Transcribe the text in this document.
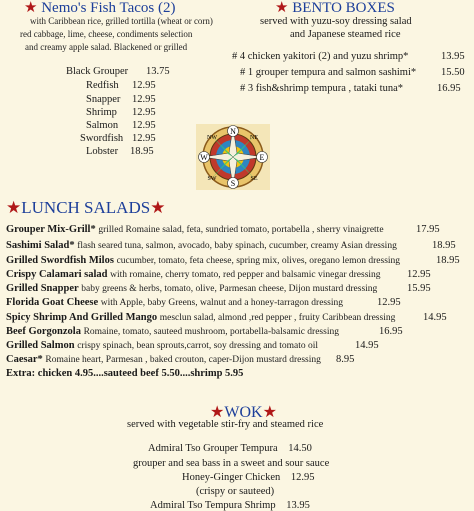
★ Nemo's Fish Tacos (2)
with Caribbean rice, grilled tortilla (wheat or corn)
red cabbage, lime, cheese, condiments selection
and creamy apple salad. Blackened or grilled
Black Grouper 13.75
Redfish 12.95
Snapper 12.95
Shrimp 12.95
Salmon 12.95
Swordfish 12.95
Lobster 18.95
★ BENTO BOXES
served with yuzu-soy dressing salad
and Japanese steamed rice
# 4 chicken yakitori (2) and yuzu shrimp*	13.95
# 1 grouper tempura and salmon sashimi* 15.50
# 3 fish&shrimp tempura , tataki tuna*	16.95
N
S
W	E
NW	NE
SW	SE
★LUNCH SALADS★
Grouper Mix-Grill* grilled Romaine salad, feta, sundried tomato, portabella , sherry vinaigrette	17.95
Sashimi Salad* flash seared tuna, salmon, avocado, baby spinach, cucumber, creamy Asian dressing	18.95
Grilled Swordfish Milos cucumber, tomato, feta cheese, spring mix, olives, oregano lemon dressing	18.95
Crispy Calamari salad with romaine, cherry tomato, red pepper and balsamic vinegar dressing	12.95
Grilled Snapper baby greens & herbs, tomato, olive, Parmesan cheese, Dijon mustard dressing	15.95
Florida Goat Cheese with Apple, baby Greens, walnut and a honey-tarragon dressing	12.95
Spicy Shrimp And Grilled Mango mesclun salad, almond ,red pepper , fruity Caribbean dressing	14.95
Beef Gorgonzola Romaine, tomato, sauteed mushroom, portabella-balsamic dressing	16.95
Grilled Salmon crispy spinach, bean sprouts,carrot, soy dressing and tomato oil	14.95
Caesar* Romaine heart, Parmesan , baked crouton, caper-Dijon mustard dressing 8.95
Extra: chicken 4.95....sauteed beef 5.50....shrimp 5.95
★WOK★
served with vegetable stir-fry and steamed rice
Admiral Tso Grouper Tempura 14.50
grouper and sea bass in a sweet and sour sauce
Honey-Ginger Chicken 12.95
(crispy or sauteed)
Admiral Tso Tempura Shrimp 13.95
